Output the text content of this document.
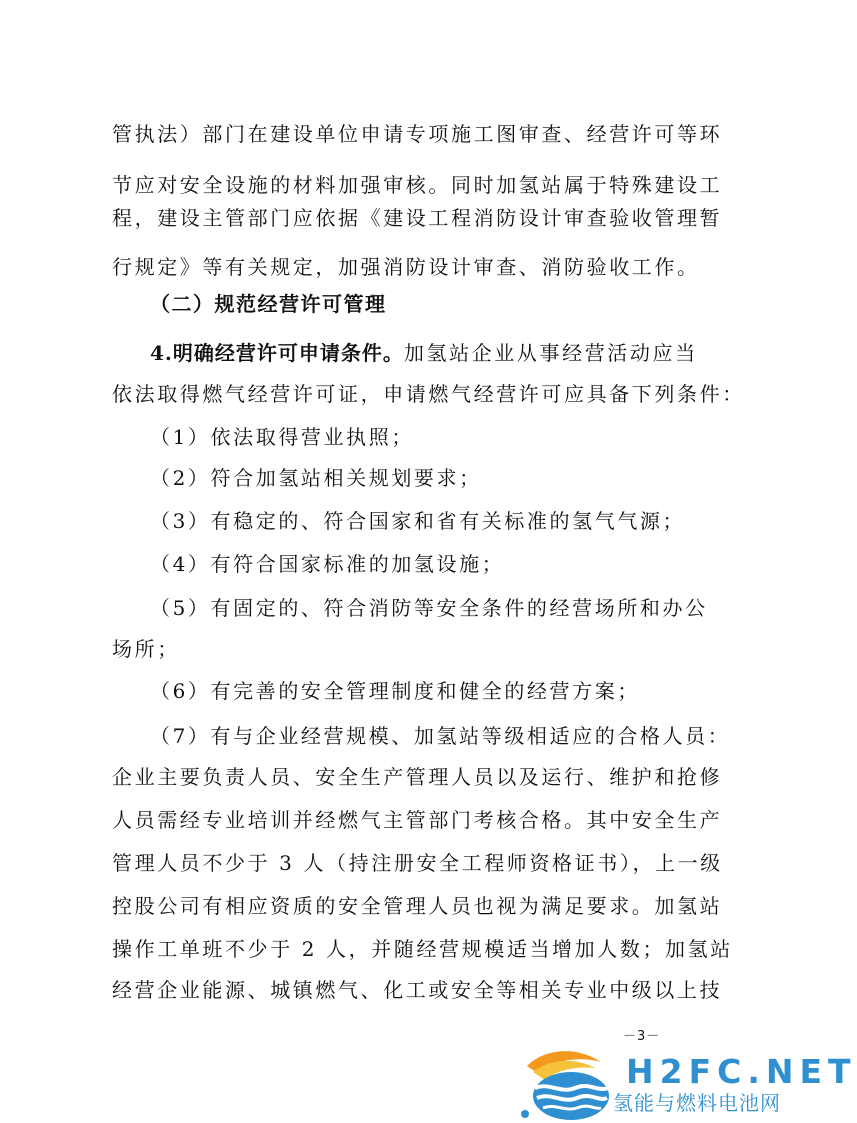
管执法）部门在建设单位申请专项施工图审查、经营许可等环
节应对安全设施的材料加强审核。同时加氢站属于特殊建设工
程，建设主管部门应依据《建设工程消防设计审查验收管理暂
行规定》等有关规定，加强消防设计审查、消防验收工作。
（二）规范经营许可管理
4.明确经营许可申请条件。加氢站企业从事经营活动应当
依法取得燃气经营许可证，申请燃气经营许可应具备下列条件：
（1）依法取得营业执照；
（2）符合加氢站相关规划要求；
（3）有稳定的、符合国家和省有关标准的氢气气源；
（4）有符合国家标准的加氢设施；
（5）有固定的、符合消防等安全条件的经营场所和办公
场所；
（6）有完善的安全管理制度和健全的经营方案；
（7）有与企业经营规模、加氢站等级相适应的合格人员：
企业主要负责人员、安全生产管理人员以及运行、维护和抢修
人员需经专业培训并经燃气主管部门考核合格。其中安全生产
管理人员不少于 3 人（持注册安全工程师资格证书），上一级
控股公司有相应资质的安全管理人员也视为满足要求。加氢站
操作工单班不少于 2 人，并随经营规模适当增加人数；加氢站
经营企业能源、城镇燃气、化工或安全等相关专业中级以上技
－3－
H2FC.NET
氢能与燃料电池网
